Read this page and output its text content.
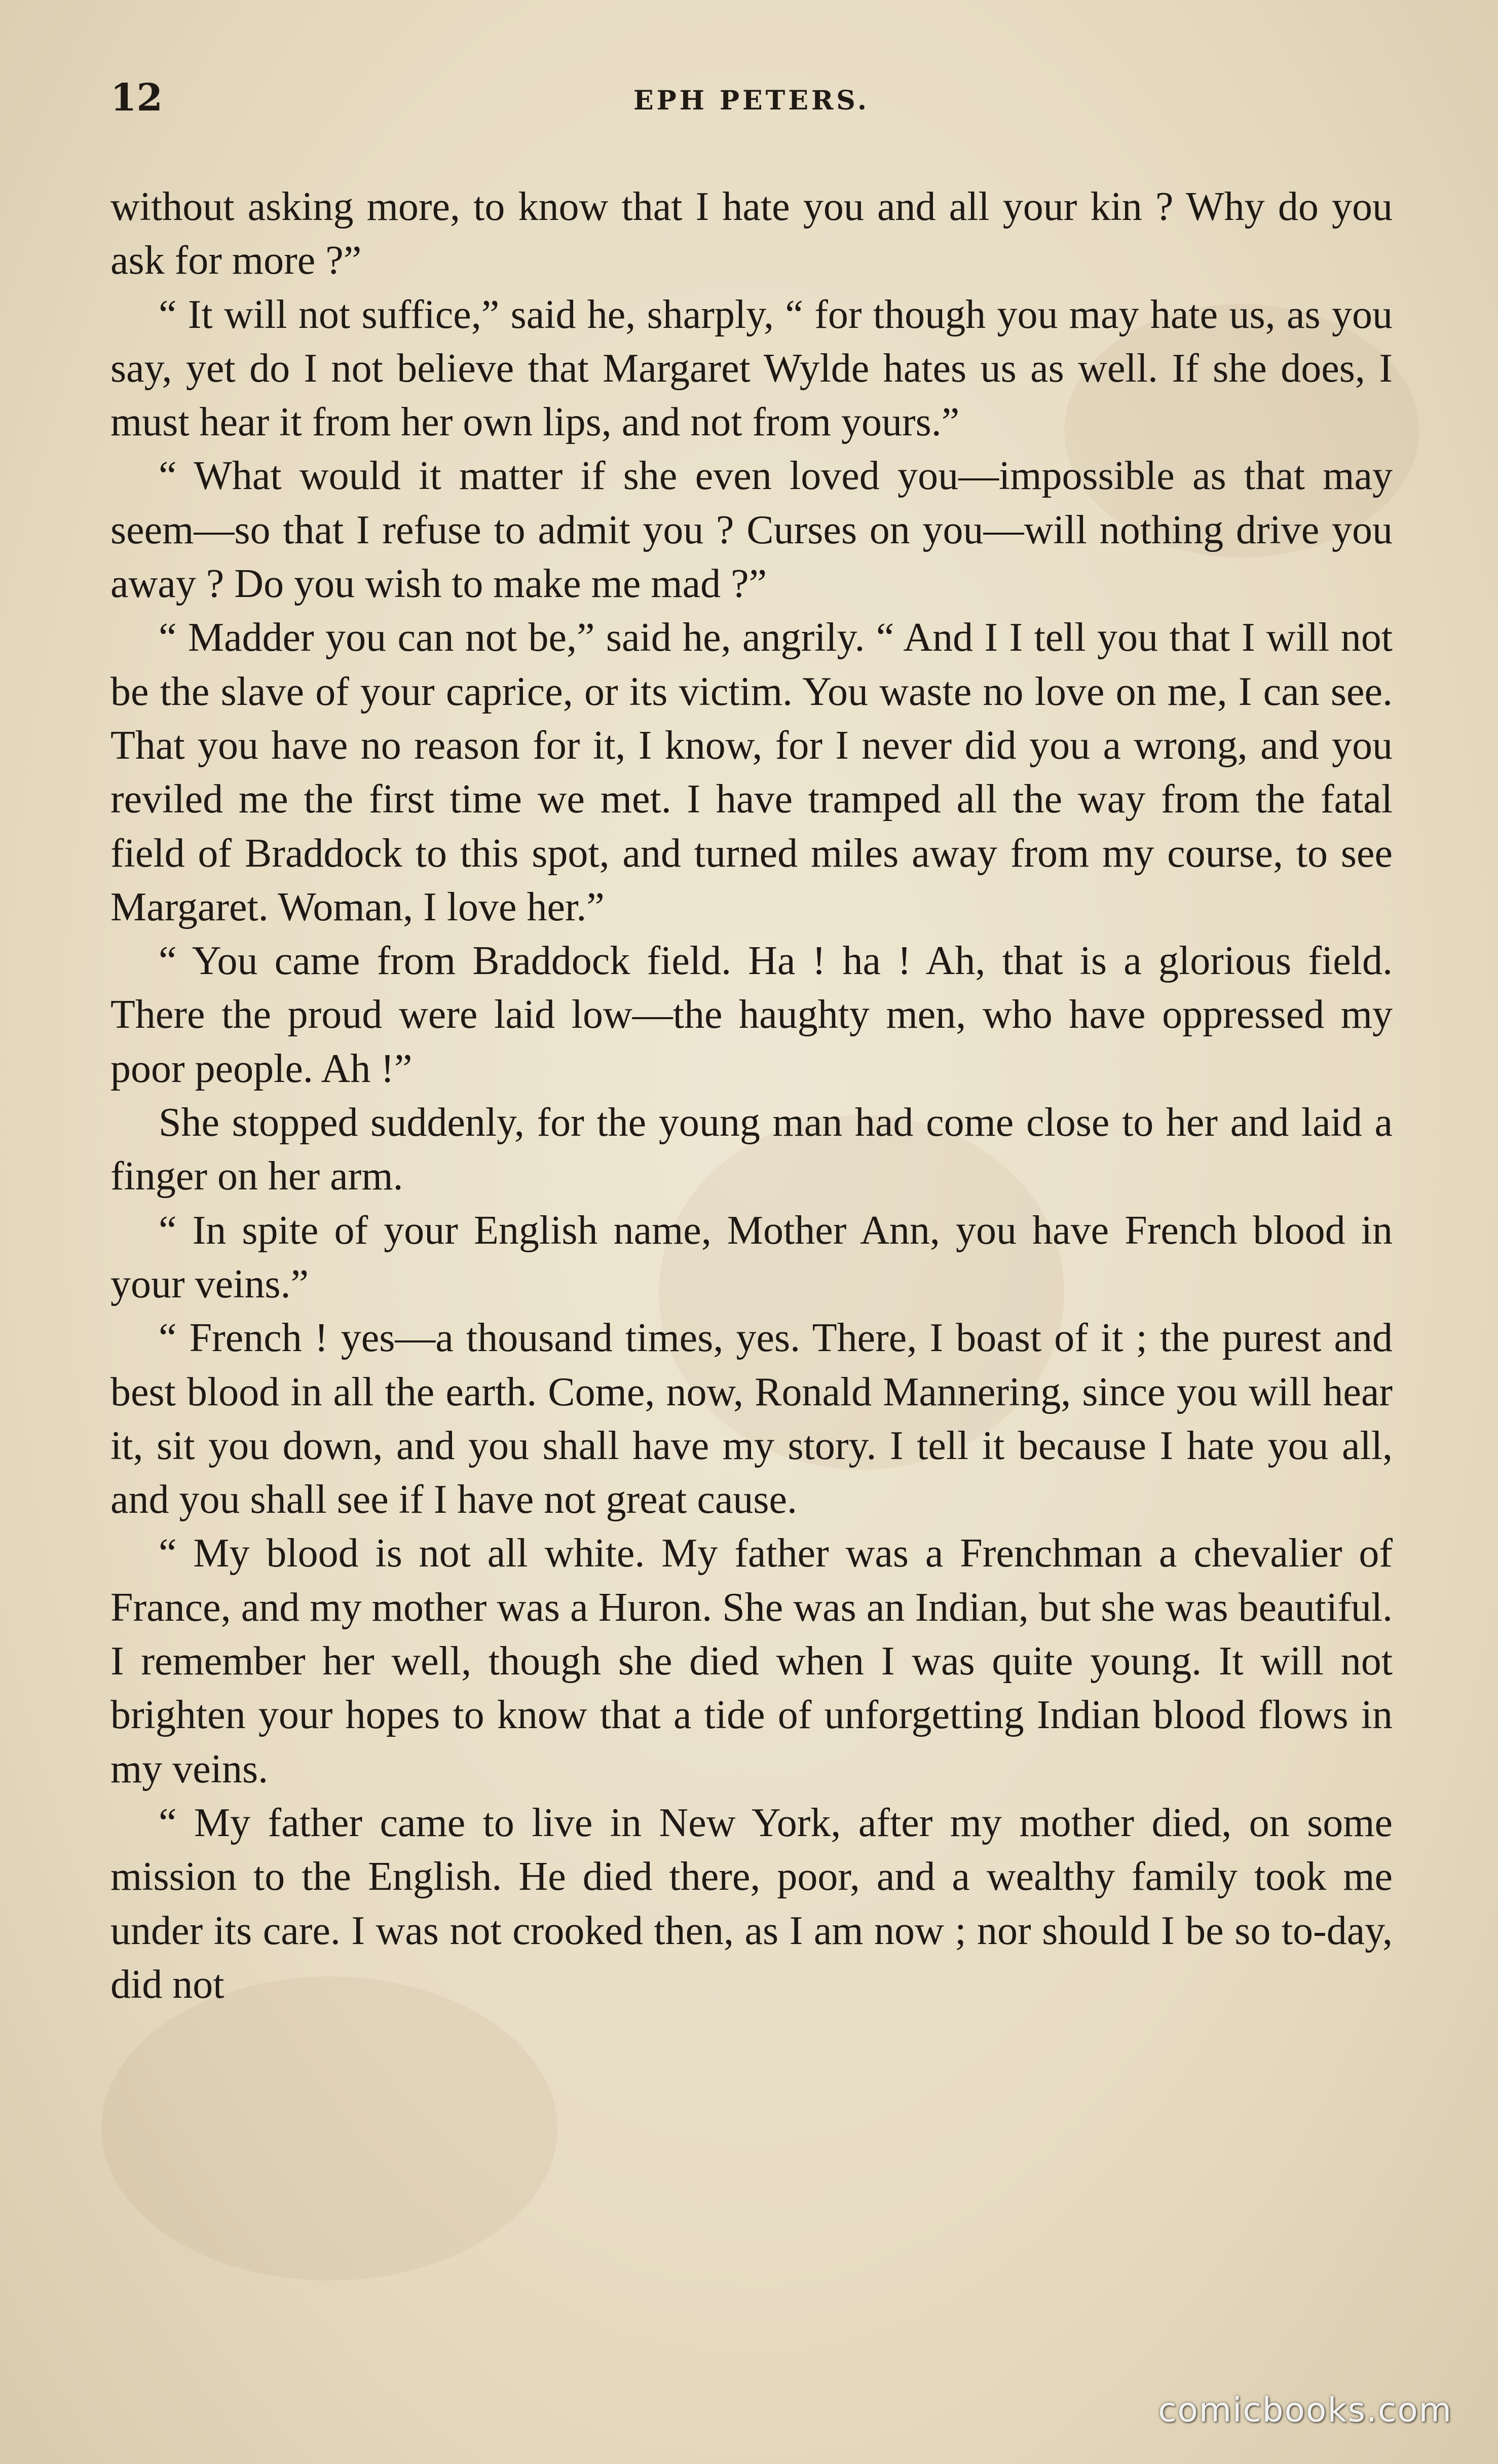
12	EPH PETERS.

without asking more, to know that I hate you and all your kin ? Why do you ask for more ?”

“ It will not suffice,” said he, sharply, “ for though you may hate us, as you say, yet do I not believe that Margaret Wylde hates us as well. If she does, I must hear it from her own lips, and not from yours.”

“ What would it matter if she even loved you—impossible as that may seem—so that I refuse to admit you ? Curses on you—will nothing drive you away ? Do you wish to make me mad ?”

“ Madder you can not be,” said he, angrily. “ And I I tell you that I will not be the slave of your caprice, or its victim. You waste no love on me, I can see. That you have no reason for it, I know, for I never did you a wrong, and you reviled me the first time we met. I have tramped all the way from the fatal field of Braddock to this spot, and turned miles away from my course, to see Margaret. Woman, I love her.”

“ You came from Braddock field. Ha ! ha ! Ah, that is a glorious field. There the proud were laid low—the haughty men, who have oppressed my poor people. Ah !”

She stopped suddenly, for the young man had come close to her and laid a finger on her arm.

“ In spite of your English name, Mother Ann, you have French blood in your veins.”

“ French ! yes—a thousand times, yes. There, I boast of it ; the purest and best blood in all the earth. Come, now, Ronald Mannering, since you will hear it, sit you down, and you shall have my story. I tell it because I hate you all, and you shall see if I have not great cause.

“ My blood is not all white. My father was a Frenchman a chevalier of France, and my mother was a Huron. She was an Indian, but she was beautiful. I remember her well, though she died when I was quite young. It will not brighten your hopes to know that a tide of unforgetting Indian blood flows in my veins.

“ My father came to live in New York, after my mother died, on some mission to the English. He died there, poor, and a wealthy family took me under its care. I was not crooked then, as I am now ; nor should I be so to-day, did not

comicbooks.com
